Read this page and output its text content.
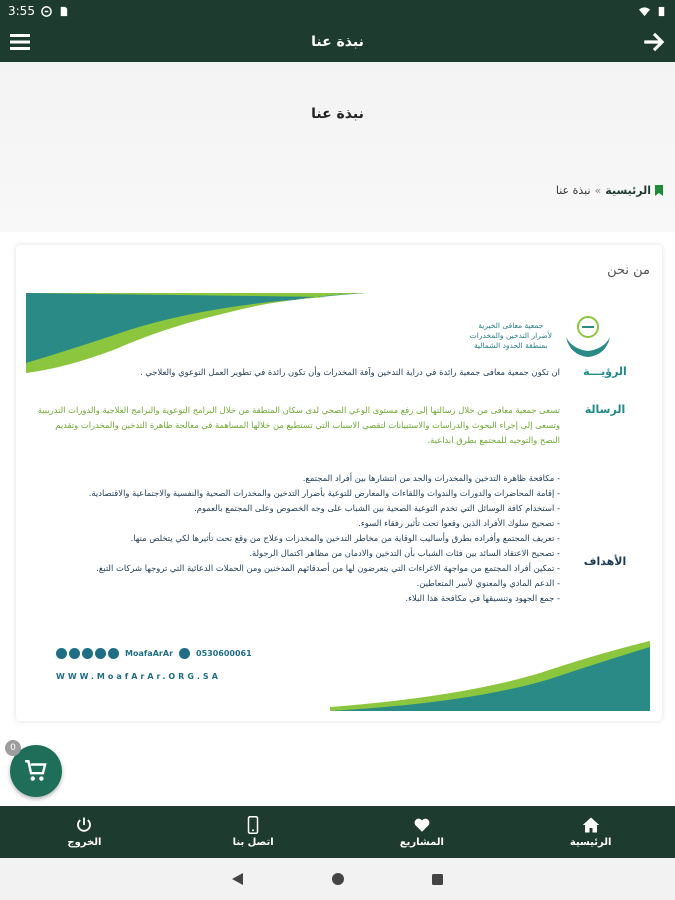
3:55
نبذة عنا
نبذة عنا
الرئيسية
»
نبذة عنا
من نحن
جمعية معافى الخيرية
لأضرار التدخين والمخدرات
بمنطقة الحدود الشمالية
الرؤيـــة
ان تكون جمعية معافى جمعية رائدة في دراية التدخين وآفة المخدرات وأن تكون رائدة في تطوير العمل التوعوي والعلاجي .
الرسالة
تسعى جمعية معافى من خلال رسالتها إلى رفع مستوى الوعي الصحي لدى سكان المنطقة من خلال البرامج التوعوية والبرامج العلاجية والدورات التدريبية وتسعى إلى إجراء البحوث والدراسات والاستبيانات لتقصي الاسباب التي تستطيع من خلالها المساهمة في معالجة ظاهرة التدخين والمخدرات وتقديم النصح والتوجيه للمجتمع بطرق ابداعية.
الأهداف
- مكافحة ظاهرة التدخين والمخدرات والحد من انتشارها بين أفراد المجتمع.
- إقامة المحاضرات والدورات والندوات واللقاءات والمعارض للتوعية بأضرار التدخين والمخدرات الصحية والنفسية والاجتماعية والاقتصادية.
- استخدام كافة الوسائل التي تخدم التوعية الصحية بين الشباب على وجه الخصوص وعلى المجتمع بالعموم.
- تصحيح سلوك الأفراد الذين وقعوا تحت تأثير رفقاء السوء.
- تعريف المجتمع وأفراده بطرق وأساليب الوقاية من مخاطر التدخين والمخدرات وعلاج من وقع تحت تأثيرها لكي يتخلص منها.
- تصحيح الاعتقاد السائد بين فئات الشباب بأن التدخين والادمان من مظاهر اكتمال الرجولة.
- تمكين أفراد المجتمع من مواجهة الاغراءات التي يتعرضون لها من أصدقائهم المدخنين ومن الحملات الدعائية التي تروجها شركات التبغ.
- الدعم المادي والمعنوي لأسر المتعاطين.
- جمع الجهود وتنسيقها في مكافحة هذا البلاء.
MoafaArAr	0530600061
WWW.MoafArAr.ORG.SA
0
الرئيسية
المشاريع
اتصل بنا
الخروج
